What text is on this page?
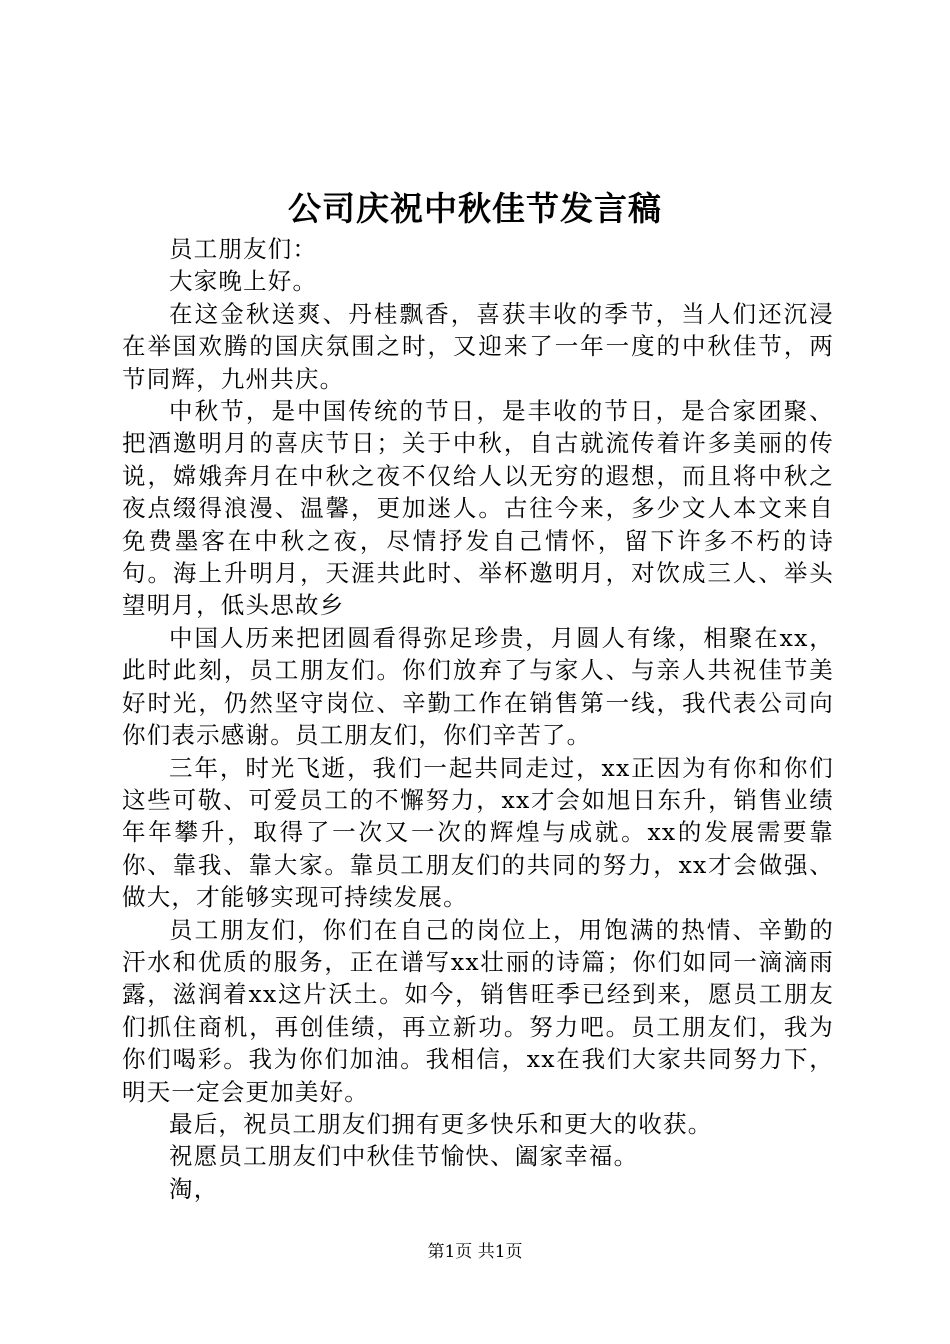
公司庆祝中秋佳节发言稿

员工朋友们：

大家晚上好。

在这金秋送爽、丹桂飘香，喜获丰收的季节，当人们还沉浸在举国欢腾的国庆氛围之时，又迎来了一年一度的中秋佳节，两节同辉，九州共庆。

中秋节，是中国传统的节日，是丰收的节日，是合家团聚、把酒邀明月的喜庆节日；关于中秋，自古就流传着许多美丽的传说，嫦娥奔月在中秋之夜不仅给人以无穷的遐想，而且将中秋之夜点缀得浪漫、温馨，更加迷人。古往今来，多少文人本文来自免费墨客在中秋之夜，尽情抒发自己情怀，留下许多不朽的诗句。海上升明月，天涯共此时、举杯邀明月，对饮成三人、举头望明月，低头思故乡

中国人历来把团圆看得弥足珍贵，月圆人有缘，相聚在xx，此时此刻，员工朋友们。你们放弃了与家人、与亲人共祝佳节美好时光，仍然坚守岗位、辛勤工作在销售第一线，我代表公司向你们表示感谢。员工朋友们，你们辛苦了。

三年，时光飞逝，我们一起共同走过，xx正因为有你和你们这些可敬、可爱员工的不懈努力，xx才会如旭日东升，销售业绩年年攀升，取得了一次又一次的辉煌与成就。xx的发展需要靠你、靠我、靠大家。靠员工朋友们的共同的努力，xx才会做强、做大，才能够实现可持续发展。

员工朋友们，你们在自己的岗位上，用饱满的热情、辛勤的汗水和优质的服务，正在谱写xx壮丽的诗篇；你们如同一滴滴雨露，滋润着xx这片沃土。如今，销售旺季已经到来，愿员工朋友们抓住商机，再创佳绩，再立新功。努力吧。员工朋友们，我为你们喝彩。我为你们加油。我相信，xx在我们大家共同努力下，明天一定会更加美好。

最后，祝员工朋友们拥有更多快乐和更大的收获。

祝愿员工朋友们中秋佳节愉快、阖家幸福。

淘，

第1页 共1页
